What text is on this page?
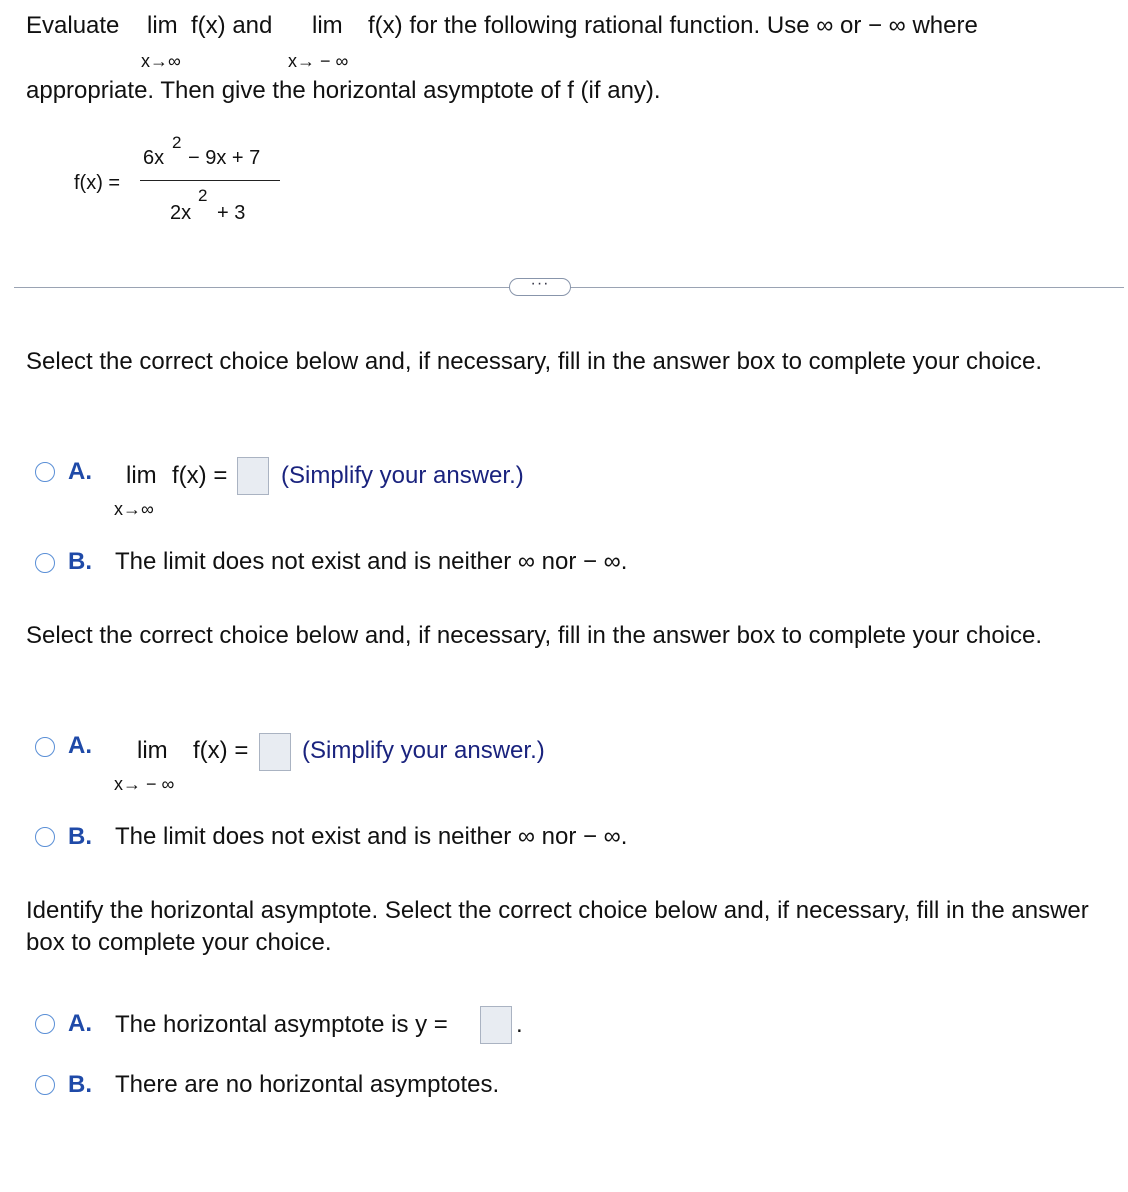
Evaluate lim f(x) and lim f(x) for the following rational function. Use ∞ or − ∞ where
x→∞	x→ − ∞
appropriate. Then give the horizontal asymptote of f (if any).
f(x) =
6x
2
− 9x + 7
2x
2
+ 3
···
Select the correct choice below and, if necessary, fill in the answer box to complete your choice.
A. lim f(x) = (Simplify your answer.)
x→∞
B. The limit does not exist and is neither ∞ nor − ∞.
Select the correct choice below and, if necessary, fill in the answer box to complete your choice.
A. lim f(x) = (Simplify your answer.)
x→ − ∞
B. The limit does not exist and is neither ∞ nor − ∞.
Identify the horizontal asymptote. Select the correct choice below and, if necessary, fill in the answer box to complete your choice.
A. The horizontal asymptote is y =	.
B. There are no horizontal asymptotes.
